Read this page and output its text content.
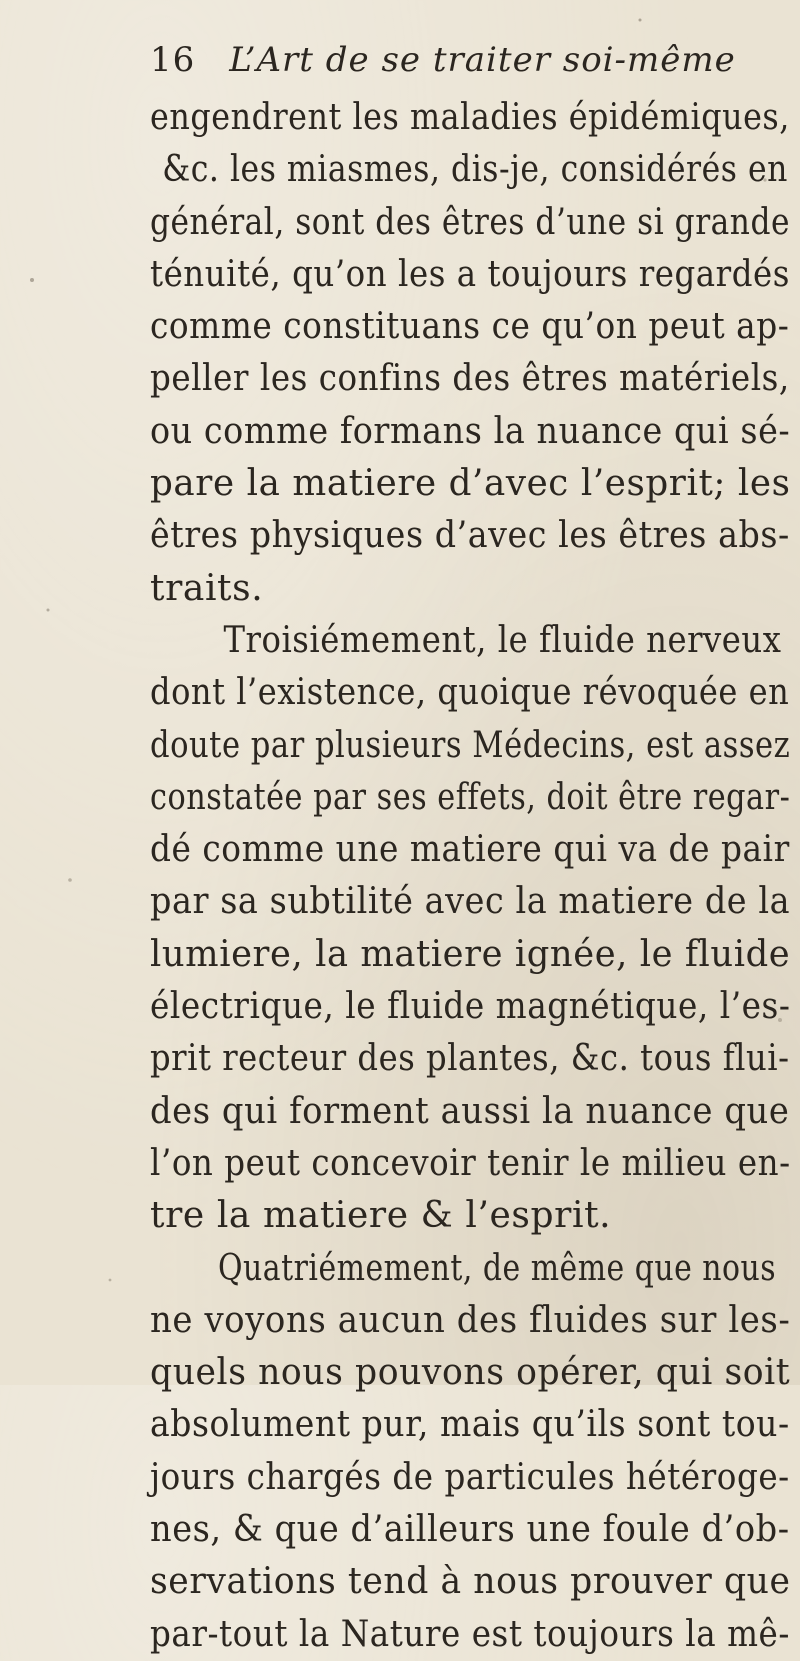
16 L’Art de se traiter soi-même
engendrent les maladies épidémiques,
&c. les miasmes, dis-je, considérés en
général, sont des êtres d’une si grande
ténuité, qu’on les a toujours regardés
comme constituans ce qu’on peut ap-
peller les confins des êtres matériels,
ou comme formans la nuance qui sé-
pare la matiere d’avec l’esprit; les
êtres physiques d’avec les êtres abs-
traits.
Troisiémement, le fluide nerveux
dont l’existence, quoique révoquée en
doute par plusieurs Médecins, est assez
constatée par ses effets, doit être regar-
dé comme une matiere qui va de pair
par sa subtilité avec la matiere de la
lumiere, la matiere ignée, le fluide
électrique, le fluide magnétique, l’es-
prit recteur des plantes, &c. tous flui-
des qui forment aussi la nuance que
l’on peut concevoir tenir le milieu en-
tre la matiere & l’esprit.
Quatriémement, de même que nous
ne voyons aucun des fluides sur les-
quels nous pouvons opérer, qui soit
absolument pur, mais qu’ils sont tou-
jours chargés de particules hétéroge-
nes, & que d’ailleurs une foule d’ob-
servations tend à nous prouver que
par-tout la Nature est toujours la mê-
